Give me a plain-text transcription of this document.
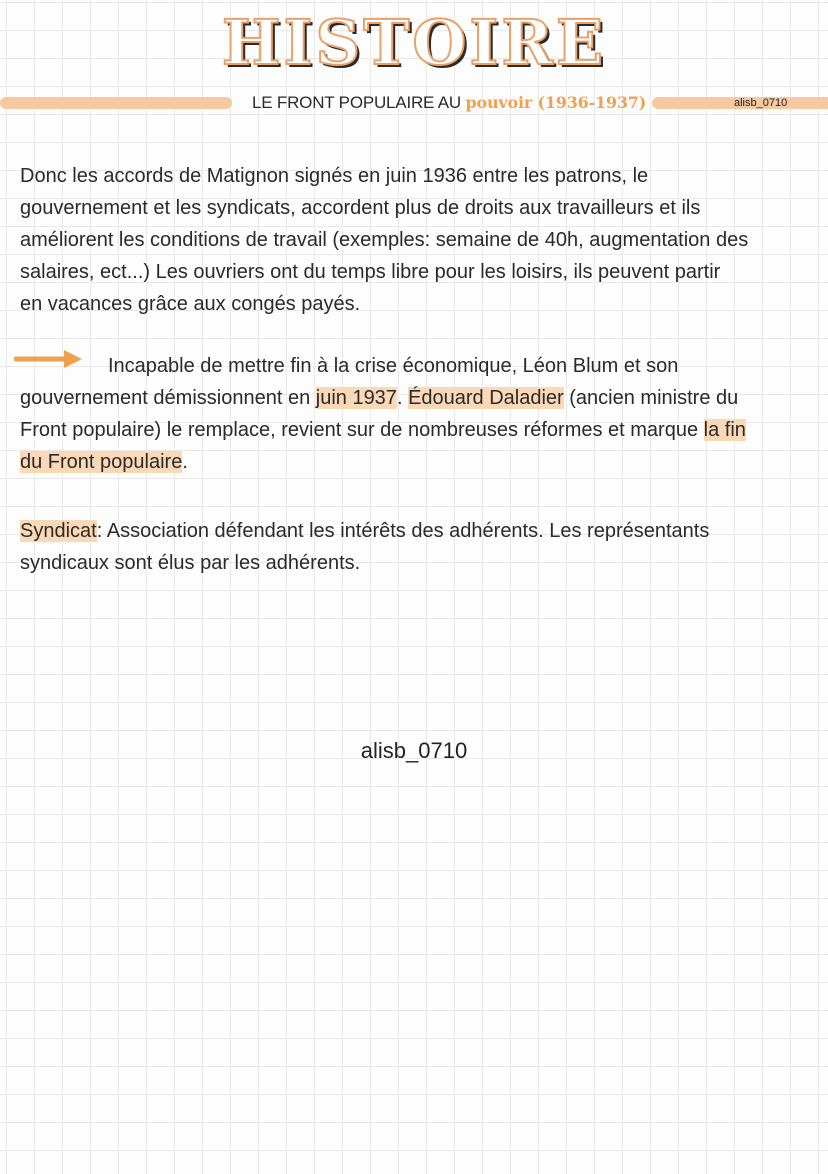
HISTOIRE
LE FRONT POPULAIRE AU pouvoir (1936-1937)	alisb_0710

Donc les accords de Matignon signés en juin 1936 entre les patrons, le
gouvernement et les syndicats, accordent plus de droits aux travailleurs et ils
améliorent les conditions de travail (exemples: semaine de 40h, augmentation des
salaires, ect...) Les ouvriers ont du temps libre pour les loisirs, ils peuvent partir
en vacances grâce aux congés payés.

Incapable de mettre fin à la crise économique, Léon Blum et son
gouvernement démissionnent en juin 1937. Édouard Daladier (ancien ministre du
Front populaire) le remplace, revient sur de nombreuses réformes et marque la fin
du Front populaire.

Syndicat: Association défendant les intérêts des adhérents. Les représentants
syndicaux sont élus par les adhérents.

alisb_0710
